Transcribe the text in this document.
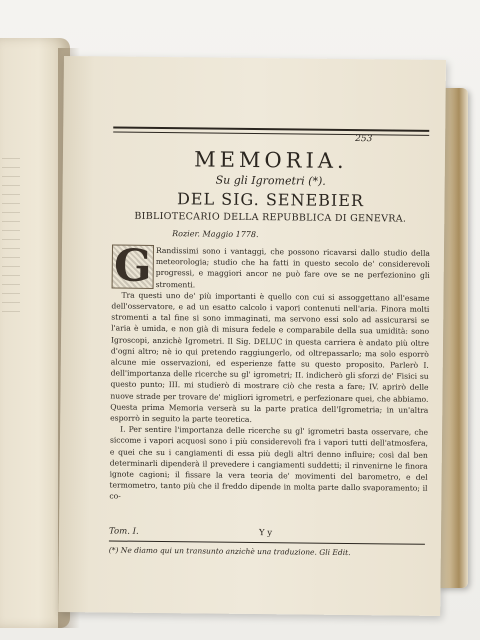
253
MEMORIA.
Su gli Igrometri (*).
DEL SIG. SENEBIER
BIBLIOTECARIO DELLA REPUBBLICA DI GENEVRA.
Rozier. Maggio 1778.
G Randissimi sono i vantaggi, che possono ricavarsi dallo studio della meteorologia; studio che ha fatti in questo secolo de' considerevoli progressi, e maggiori ancor ne può fare ove se ne perfezionino gli stromenti.

Tra questi uno de' più importanti è quello con cui si assoggettano all'esame dell'osservatore, e ad un esatto calcolo i vapori contenuti nell'aria. Finora molti stromenti a tal fine si sono immaginati, ma servono essi solo ad assicurarsi se l'aria è umida, e non già di misura fedele e comparabile della sua umidità: sono Igroscopi, anzichè Igrometri. Il Sig. DELUC in questa carriera è andato più oltre d'ogni altro; nè io qui pretendo raggiungerlo, od oltrepassarlo; ma solo esporrò alcune mie osservazioni, ed esperienze fatte su questo proposito. Parlerò I. dell'importanza delle ricerche su gl' igrometri; II. indicherò gli sforzi de' Fisici su questo punto; III. mi studierò di mostrare ciò che resta a fare; IV. aprirò delle nuove strade per trovare de' migliori igrometri, e perfezionare quei, che abbiamo. Questa prima Memoria verserà su la parte pratica dell'Igrometria; in un'altra esporrò in seguito la parte teoretica.

I. Per sentire l'importanza delle ricerche su gl' igrometri basta osservare, che siccome i vapori acquosi sono i più considerevoli fra i vapori tutti dell'atmosfera, e quei che su i cangiamenti di essa più degli altri denno influire; così dal ben determinarli dipenderà il prevedere i cangiamenti suddetti; il rinvenirne le finora ignote cagioni; il fissare la vera teoria de' movimenti del barometro, e del termometro, tanto più che il freddo dipende in molta parte dallo svaporamento; il co-

Tom. I.	Y y
(*) Ne diamo qui un transunto anzichè una traduzione. Gli Edit.
